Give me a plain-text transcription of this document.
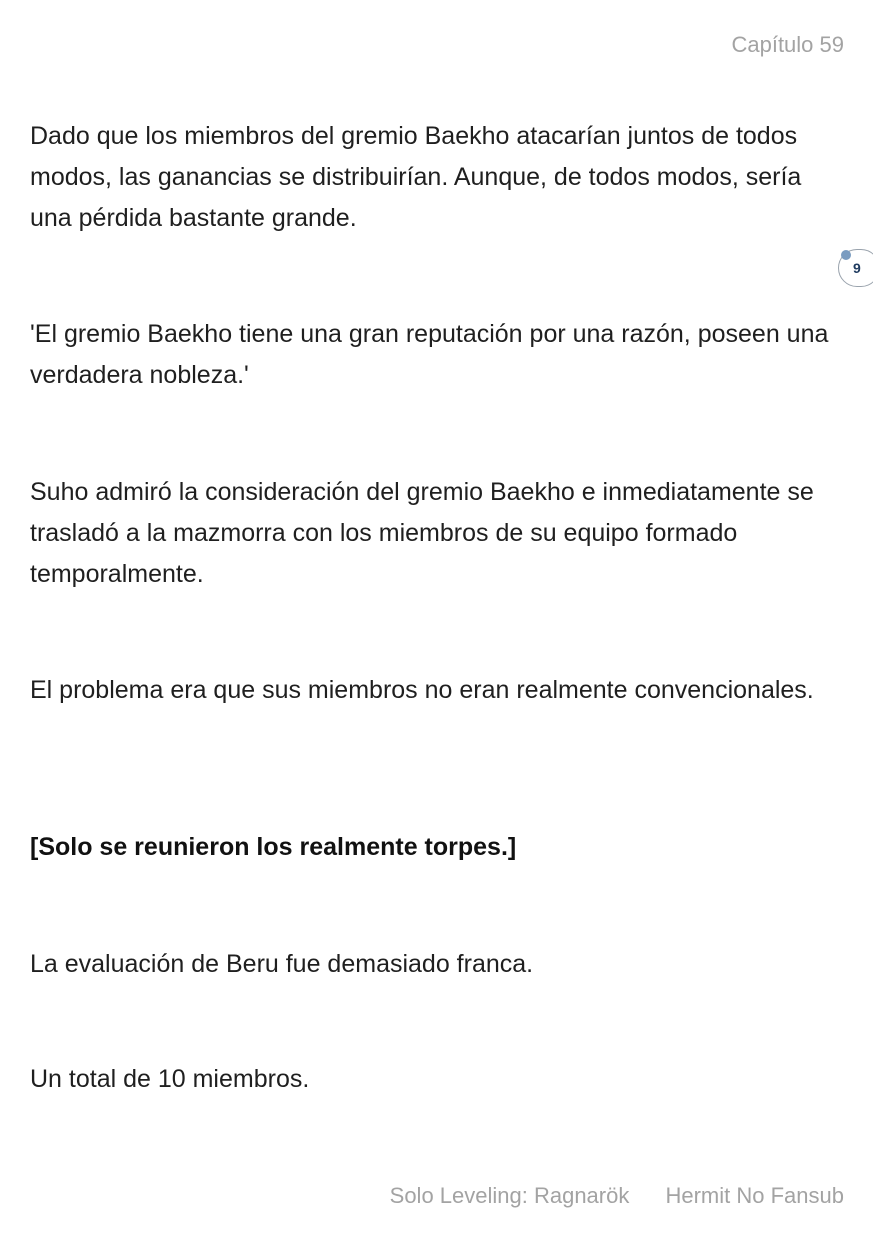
Capítulo 59

Dado que los miembros del gremio Baekho atacarían juntos de todos modos, las ganancias se distribuirían. Aunque, de todos modos, sería una pérdida bastante grande.

9

'El gremio Baekho tiene una gran reputación por una razón, poseen una verdadera nobleza.'

Suho admiró la consideración del gremio Baekho e inmediatamente se trasladó a la mazmorra con los miembros de su equipo formado temporalmente.

El problema era que sus miembros no eran realmente convencionales.

[Solo se reunieron los realmente torpes.]

La evaluación de Beru fue demasiado franca.

Un total de 10 miembros.

Solo Leveling: Ragnarök Hermit No Fansub
